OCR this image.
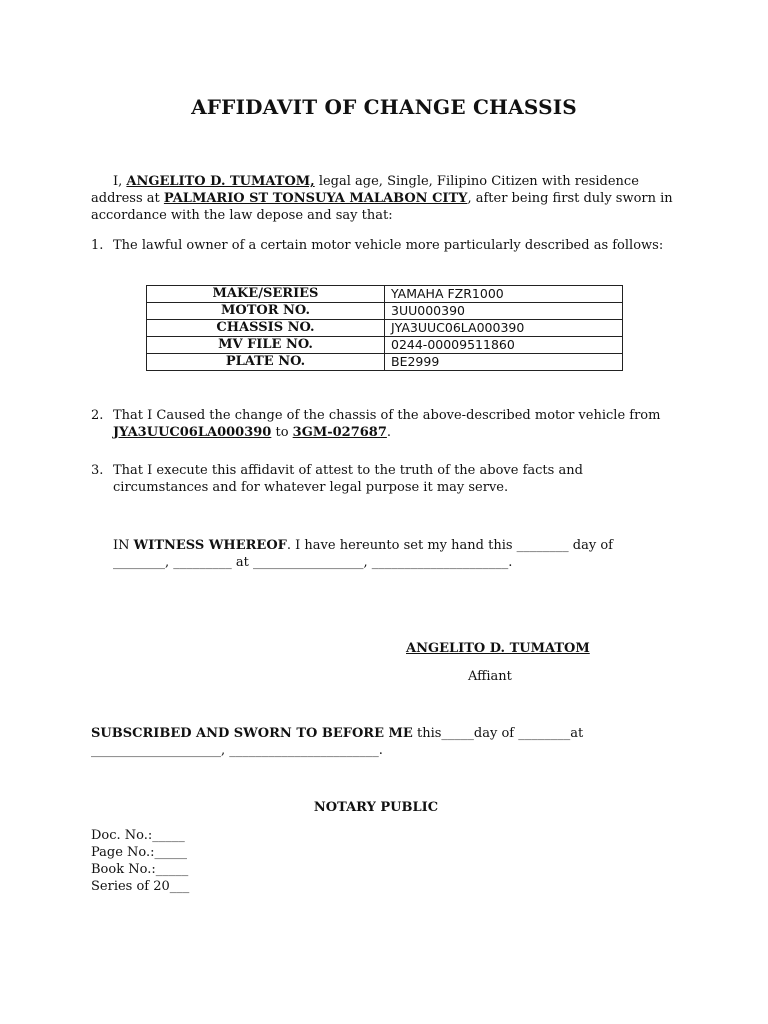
AFFIDAVIT OF CHANGE CHASSIS
I, ANGELITO D. TUMATOM, legal age, Single, Filipino Citizen with residence address at PALMARIO ST TONSUYA MALABON CITY, after being first duly sworn in accordance with the law depose and say that:
1. The lawful owner of a certain motor vehicle more particularly described as follows:
MAKE/SERIES	YAMAHA FZR1000
MOTOR NO.	3UU000390
CHASSIS NO.	JYA3UUC06LA000390
MV FILE NO.	0244-00009511860
PLATE NO.	BE2999
2. That I Caused the change of the chassis of the above-described motor vehicle from JYA3UUC06LA000390 to 3GM-027687.
3. That I execute this affidavit of attest to the truth of the above facts and circumstances and for whatever legal purpose it may serve.
IN WITNESS WHEREOF. I have hereunto set my hand this ________ day of ________, _________ at _________________, _____________________.
ANGELITO D. TUMATOM
Affiant
SUBSCRIBED AND SWORN TO BEFORE ME this_____day of ________at ____________________, _______________________.
NOTARY PUBLIC
Doc. No.:_____
Page No.:_____
Book No.:_____
Series of 20___
